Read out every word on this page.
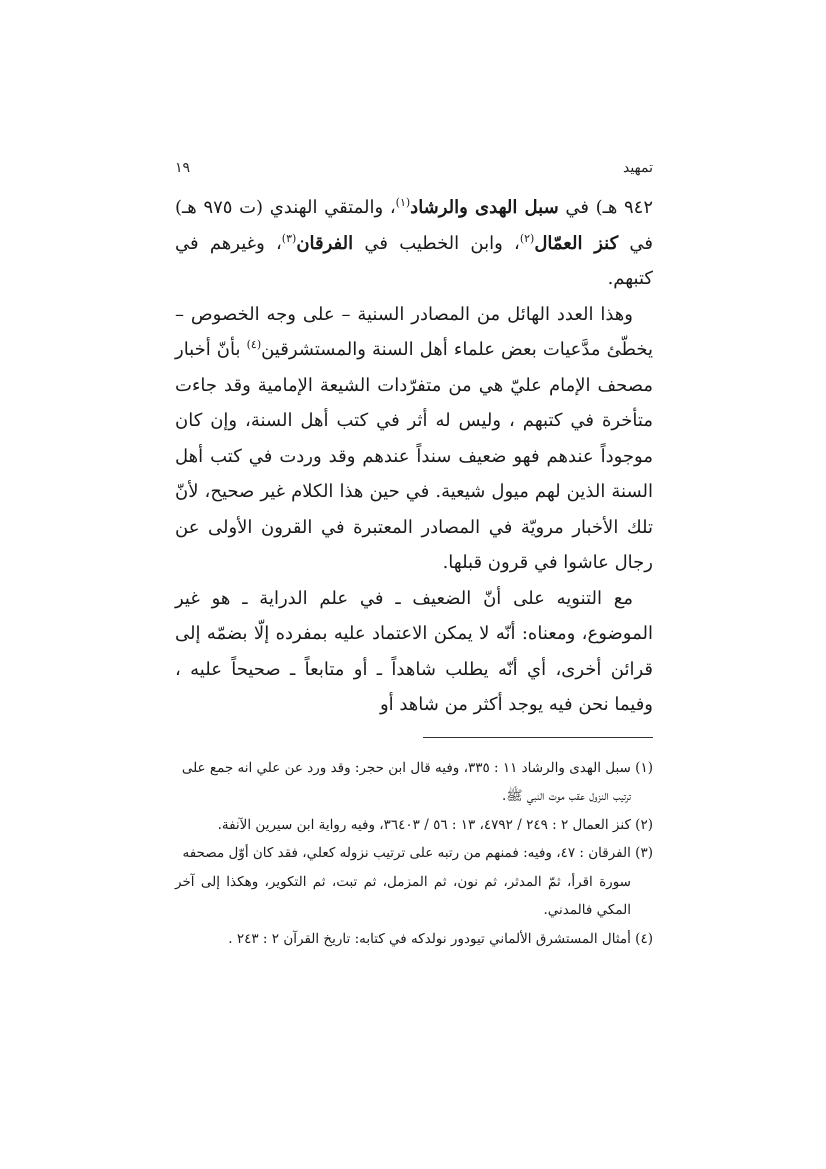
تمهيد
١٩

٩٤٢ هـ) في سبل الهدى والرشاد$^{(١)}$، والمتقي الهندي (ت ٩٧٥ هـ) في كنز العمّال$^{(٢)}$، وابن الخطيب في الفرقان$^{(٣)}$، وغيرهم في كتبهم.

وهذا العدد الهائل من المصادر السنية – على وجه الخصوص – يخطّئ مدَّعيات بعض علماء أهل السنة والمستشرقين$^{(٤)}$ بأنّ أخبار مصحف الإمام عليّ هي من متفرّدات الشيعة الإمامية وقد جاءت متأخرة في كتبهم ، وليس له أثر في كتب أهل السنة، وإن كان موجوداً عندهم فهو ضعيف سنداً عندهم وقد وردت في كتب أهل السنة الذين لهم ميول شيعية. في حين هذا الكلام غير صحيح، لأنّ تلك الأخبار مرويّة في المصادر المعتبرة في القرون الأولى عن رجال عاشوا في قرون قبلها.

مع التنويه على أنّ الضعيف ـ في علم الدراية ـ هو غير الموضوع، ومعناه: أنّه لا يمكن الاعتماد عليه بمفرده إلّا بضمّه إلى قرائن أخرى، أي أنّه يطلب شاهداً ـ أو متابعاً ـ صحيحاً عليه ، وفيما نحن فيه يوجد أكثر من شاهد أو

(١) سبل الهدى والرشاد ١١ : ٣٣٥، وفيه قال ابن حجر: وقد ورد عن علي انه جمع على
ترتيب النزول عقب موت النبي ﷺ.

(٢) كنز العمال ٢ : ٢٤٩ / ٤٧٩٢، ١٣ : ٥٦ / ٣٦٤٠٣، وفيه رواية ابن سيرين الآنفة.

(٣) الفرقان : ٤٧، وفيه: فمنهم من رتبه على ترتيب نزوله كعلي، فقد كان أوّل مصحفه
سورة اقرأ، ثمّ المدثر، ثم نون، ثم المزمل، ثم تبت، ثم التكوير، وهكذا إلى آخر المكي فالمدني.

(٤) أمثال المستشرق الألماني تيودور نولدكه في كتابه: تاريخ القرآن ٢ : ٢٤٣ .
